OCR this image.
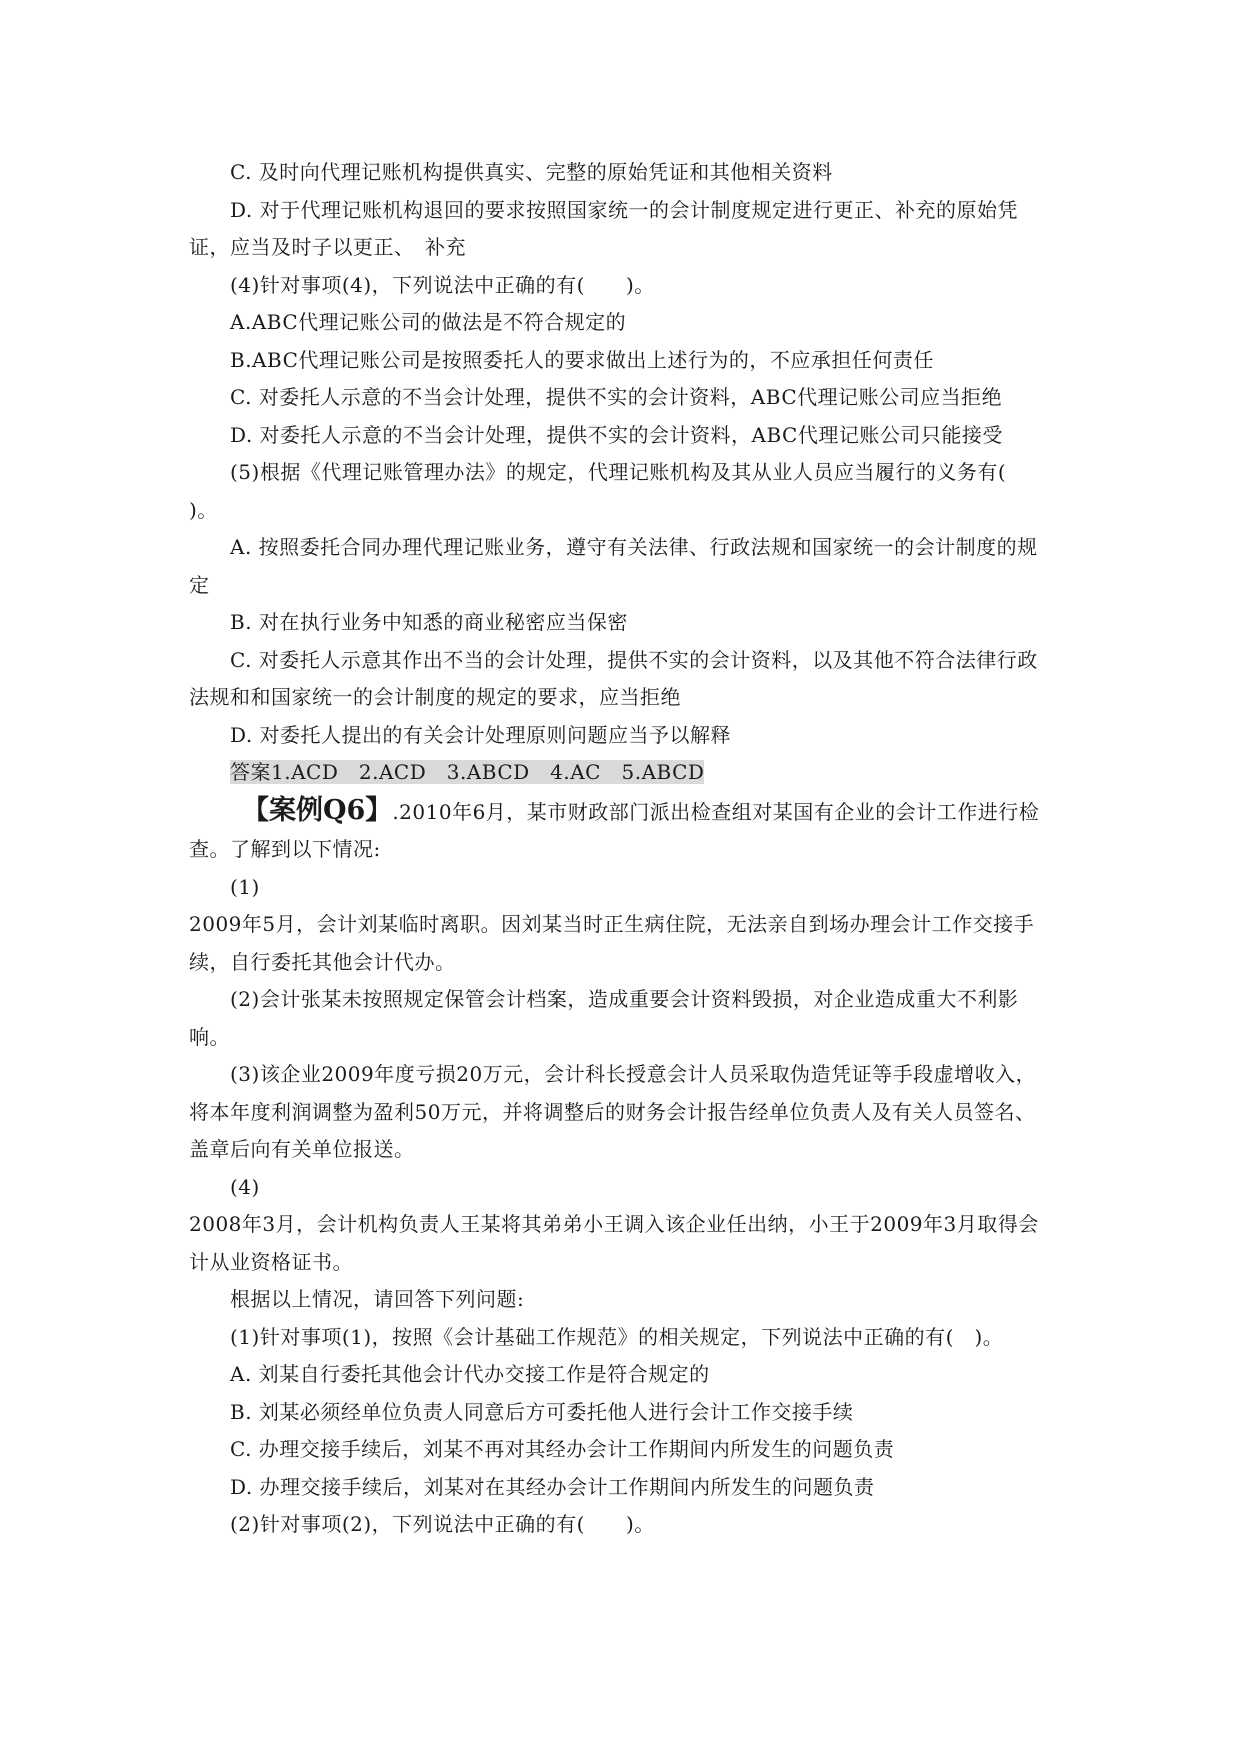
C. 及时向代理记账机构提供真实、完整的原始凭证和其他相关资料

D. 对于代理记账机构退回的要求按照国家统一的会计制度规定进行更正、补充的原始凭证，应当及时子以更正、　补充

(4)针对事项(4)，下列说法中正确的有(　　)。

A.ABC代理记账公司的做法是不符合规定的

B.ABC代理记账公司是按照委托人的要求做出上述行为的，不应承担任何责任

C. 对委托人示意的不当会计处理，提供不实的会计资料，ABC代理记账公司应当拒绝

D. 对委托人示意的不当会计处理，提供不实的会计资料，ABC代理记账公司只能接受

(5)根据《代理记账管理办法》的规定，代理记账机构及其从业人员应当履行的义务有(　　)。

A. 按照委托合同办理代理记账业务，遵守有关法律、行政法规和国家统一的会计制度的规定

B. 对在执行业务中知悉的商业秘密应当保密

C. 对委托人示意其作出不当的会计处理，提供不实的会计资料，以及其他不符合法律行政法规和和国家统一的会计制度的规定的要求，应当拒绝

D. 对委托人提出的有关会计处理原则问题应当予以解释

答案1.ACD　2.ACD　3.ABCD　4.AC　5.ABCD

【案例Q6】.2010年6月，某市财政部门派出检查组对某国有企业的会计工作进行检查。了解到以下情况:

(1)

2009年5月，会计刘某临时离职。因刘某当时正生病住院，无法亲自到场办理会计工作交接手续，自行委托其他会计代办。

(2)会计张某未按照规定保管会计档案，造成重要会计资料毁损，对企业造成重大不利影响。

(3)该企业2009年度亏损20万元，会计科长授意会计人员采取伪造凭证等手段虚增收入，将本年度利润调整为盈利50万元，并将调整后的财务会计报告经单位负责人及有关人员签名、盖章后向有关单位报送。

(4)

2008年3月，会计机构负责人王某将其弟弟小王调入该企业任出纳，小王于2009年3月取得会计从业资格证书。

根据以上情况，请回答下列问题:

(1)针对事项(1)，按照《会计基础工作规范》的相关规定，下列说法中正确的有(　)。

A. 刘某自行委托其他会计代办交接工作是符合规定的

B. 刘某必须经单位负责人同意后方可委托他人进行会计工作交接手续

C. 办理交接手续后，刘某不再对其经办会计工作期间内所发生的问题负责

D. 办理交接手续后，刘某对在其经办会计工作期间内所发生的问题负责

(2)针对事项(2)，下列说法中正确的有(　　)。
